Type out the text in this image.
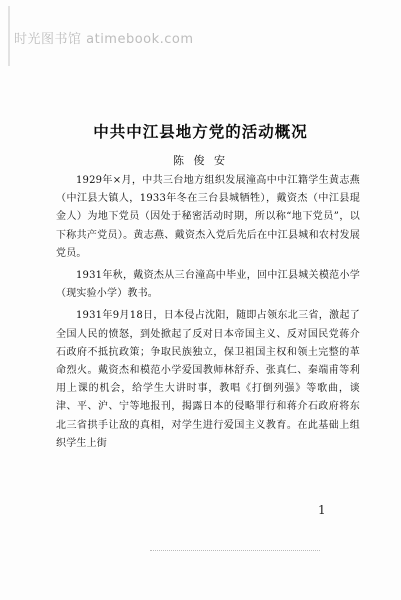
时光图书馆 atimebook.com
中共中江县地方党的活动概况
陈 俊 安

1929年×月，中共三台地方组织发展潼高中中江籍学生黄志燕（中江县大镇人，1933年冬在三台县城牺牲），戴资杰（中江县琨金人）为地下党员（因处于秘密活动时期，所以称“地下党员”，以下称共产党员）。黄志燕、戴资杰入党后先后在中江县城和农村发展党员。

1931年秋，戴资杰从三台潼高中毕业，回中江县城关模范小学（现实验小学）教书。

1931年9月18日，日本侵占沈阳，随即占领东北三省，激起了全国人民的愤怒，到处掀起了反对日本帝国主义、反对国民党蒋介石政府不抵抗政策；争取民族独立，保卫祖国主权和领土完整的革命烈火。戴资杰和模范小学爱国教师林舒乔、张真仁、秦端甫等利用上课的机会，给学生大讲时事，教唱《打倒列强》等歌曲，谈津、平、沪、宁等地报刊，揭露日本的侵略罪行和蒋介石政府将东北三省拱手让敌的真相，对学生进行爱国主义教育。在此基础上组织学生上街

1
